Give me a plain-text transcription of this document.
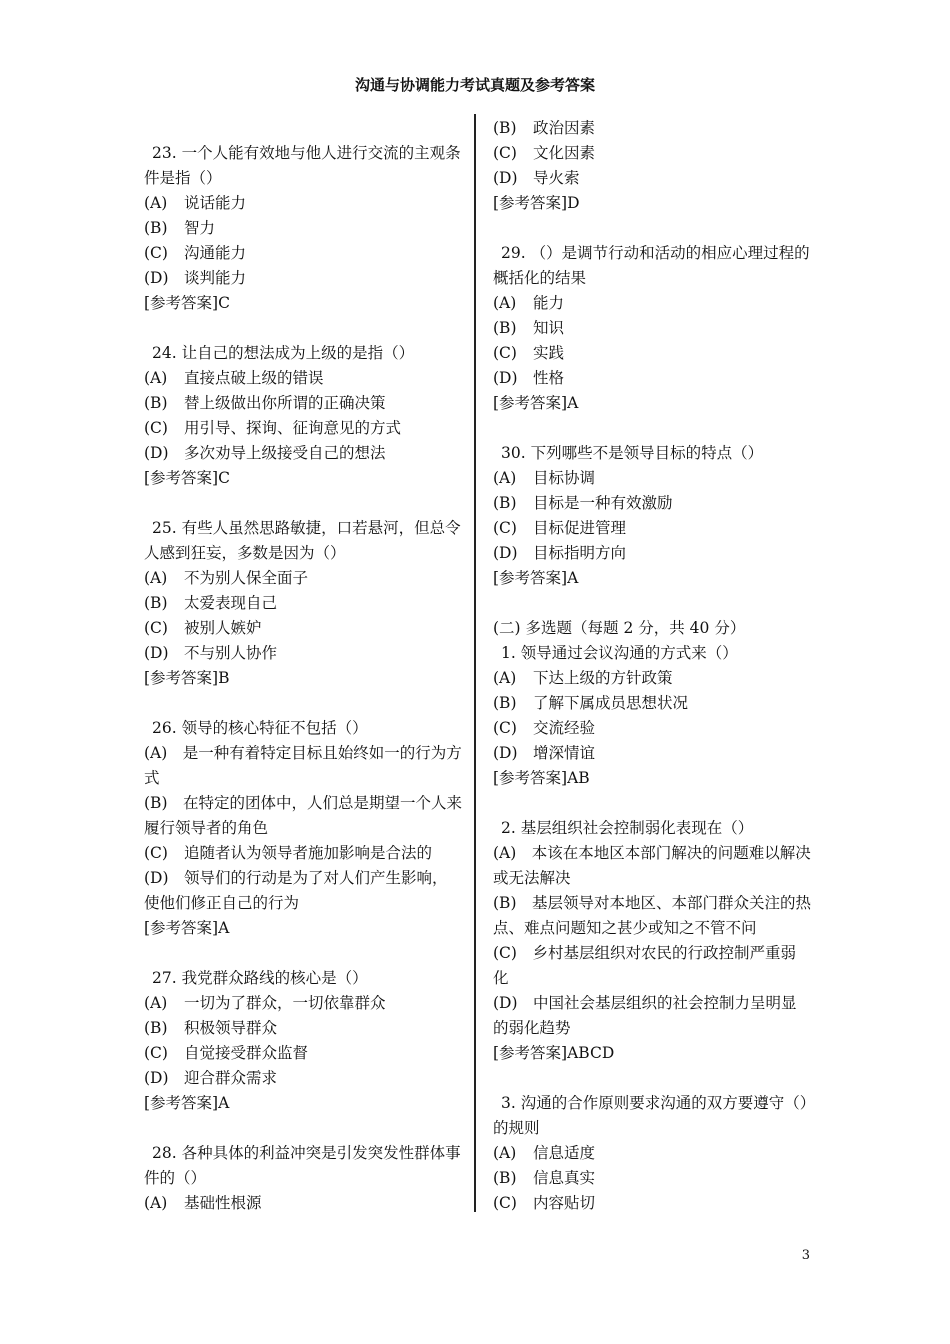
沟通与协调能力考试真题及参考答案

23. 一个人能有效地与他人进行交流的主观条件是指（）

(A)	说话能力
(B)	智力
(C)	沟通能力
(D) 谈判能力

[参考答案]C

24. 让自己的想法成为上级的是指（）

(A)	直接点破上级的错误
(B)	替上级做出你所谓的正确决策
(C)	用引导、探询、征询意见的方式
(D) 多次劝导上级接受自己的想法

[参考答案]C

25. 有些人虽然思路敏捷，口若悬河，但总令人感到狂妄，多数是因为（）

(A)	不为别人保全面子
(B)	太爱表现自己
(C)	被别人嫉妒
(D) 不与别人协作

[参考答案]B

26. 领导的核心特征不包括（）

(A)　是一种有着特定目标且始终如一的行为方式

(B)　在特定的团体中，人们总是期望一个人来履行领导者的角色

(C)	追随者认为领导者施加影响是合法的

(D)　领导们的行动是为了对人们产生影响，使他们修正自己的行为

[参考答案]A

27. 我党群众路线的核心是（）

(A)	一切为了群众，一切依靠群众
(B)	积极领导群众
(C)	自觉接受群众监督
(D) 迎合群众需求

[参考答案]A

28. 各种具体的利益冲突是引发突发性群体事件的（）

(A)	基础性根源
(B)	政治因素
(C)	文化因素
(D) 导火索

[参考答案]D

29. （）是调节行动和活动的相应心理过程的概括化的结果

(A)	能力
(B)	知识
(C)	实践
(D) 性格

[参考答案]A

30. 下列哪些不是领导目标的特点（）

(A)	目标协调
(B)	目标是一种有效激励
(C)	目标促进管理
(D) 目标指明方向

[参考答案]A

(二) 多选题（每题 2 分，共 40 分）

1. 领导通过会议沟通的方式来（）

(A)	下达上级的方针政策
(B)	了解下属成员思想状况
(C)	交流经验
(D) 增深情谊

[参考答案]AB

2. 基层组织社会控制弱化表现在（）

(A)　本该在本地区本部门解决的问题难以解决或无法解决

(B)　基层领导对本地区、本部门群众关注的热点、难点问题知之甚少或知之不管不问

(C)　乡村基层组织对农民的行政控制严重弱化

(D)　中国社会基层组织的社会控制力呈明显的弱化趋势

[参考答案]ABCD

3. 沟通的合作原则要求沟通的双方要遵守（）的规则

(A)	信息适度
(B)	信息真实
(C)	内容贴切
3
